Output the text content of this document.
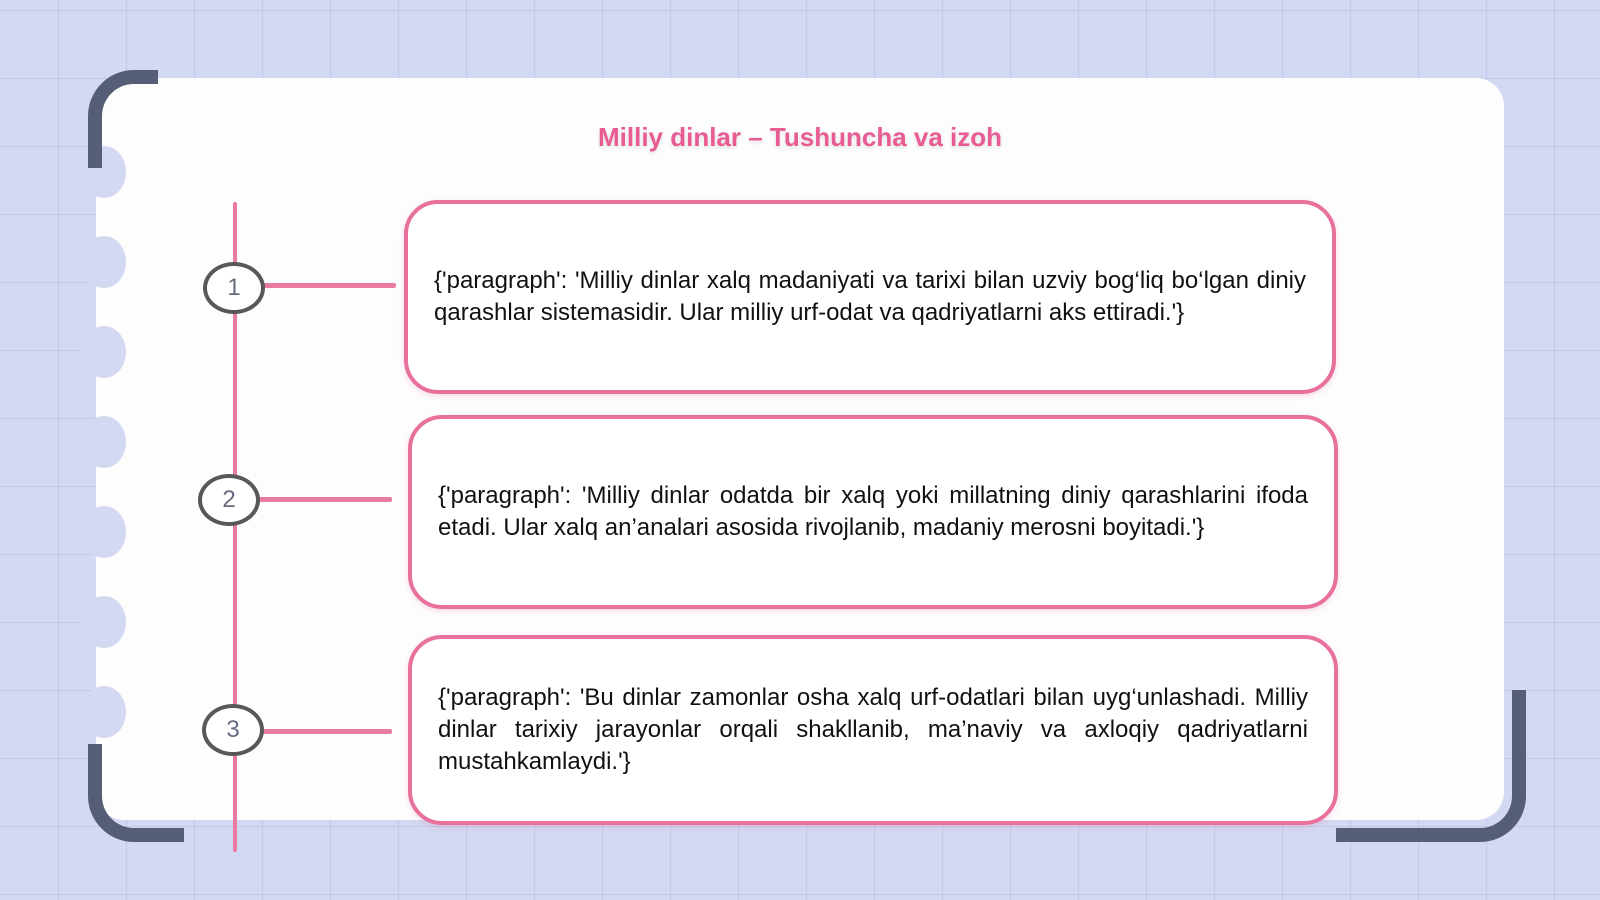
Milliy dinlar – Tushuncha va izoh
1
2
3
{'paragraph': 'Milliy dinlar xalq madaniyati va tarixi bilan uzviy bog‘liq bo‘lgan diniy qarashlar sistemasidir. Ular milliy urf-odat va qadriyatlarni aks ettiradi.'}
{'paragraph': 'Milliy dinlar odatda bir xalq yoki millatning diniy qarashlarini ifoda etadi. Ular xalq an’analari asosida rivojlanib, madaniy merosni boyitadi.'}
{'paragraph': 'Bu dinlar zamonlar osha xalq urf-odatlari bilan uyg‘unlashadi. Milliy dinlar tarixiy jarayonlar orqali shakllanib, ma’naviy va axloqiy qadriyatlarni mustahkamlaydi.'}
